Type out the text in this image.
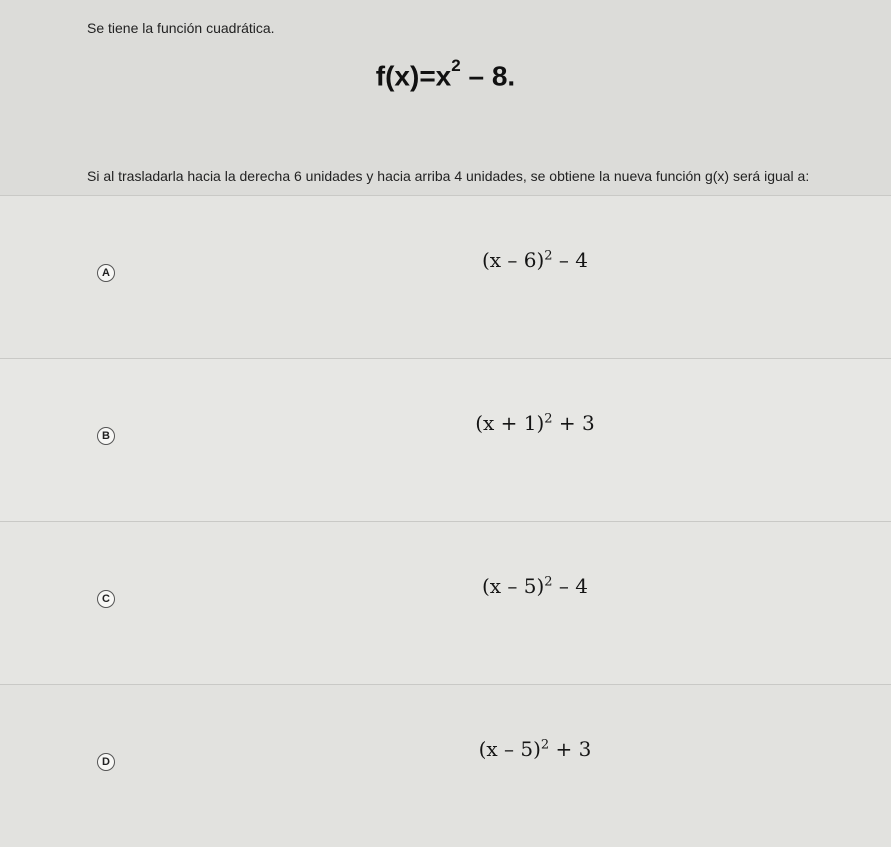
Se tiene la función cuadrática.
$f(x)=x^2 - 8$.
Si al trasladarla hacia la derecha 6 unidades y hacia arriba 4 unidades, se obtiene la nueva función g(x) será igual a:
A
(x – 6)$^2$ – 4
B
$(x + 1)^2 + 3$
C
(x – 5)$^2$ – 4
D
(x – 5)$^2$ + 3
